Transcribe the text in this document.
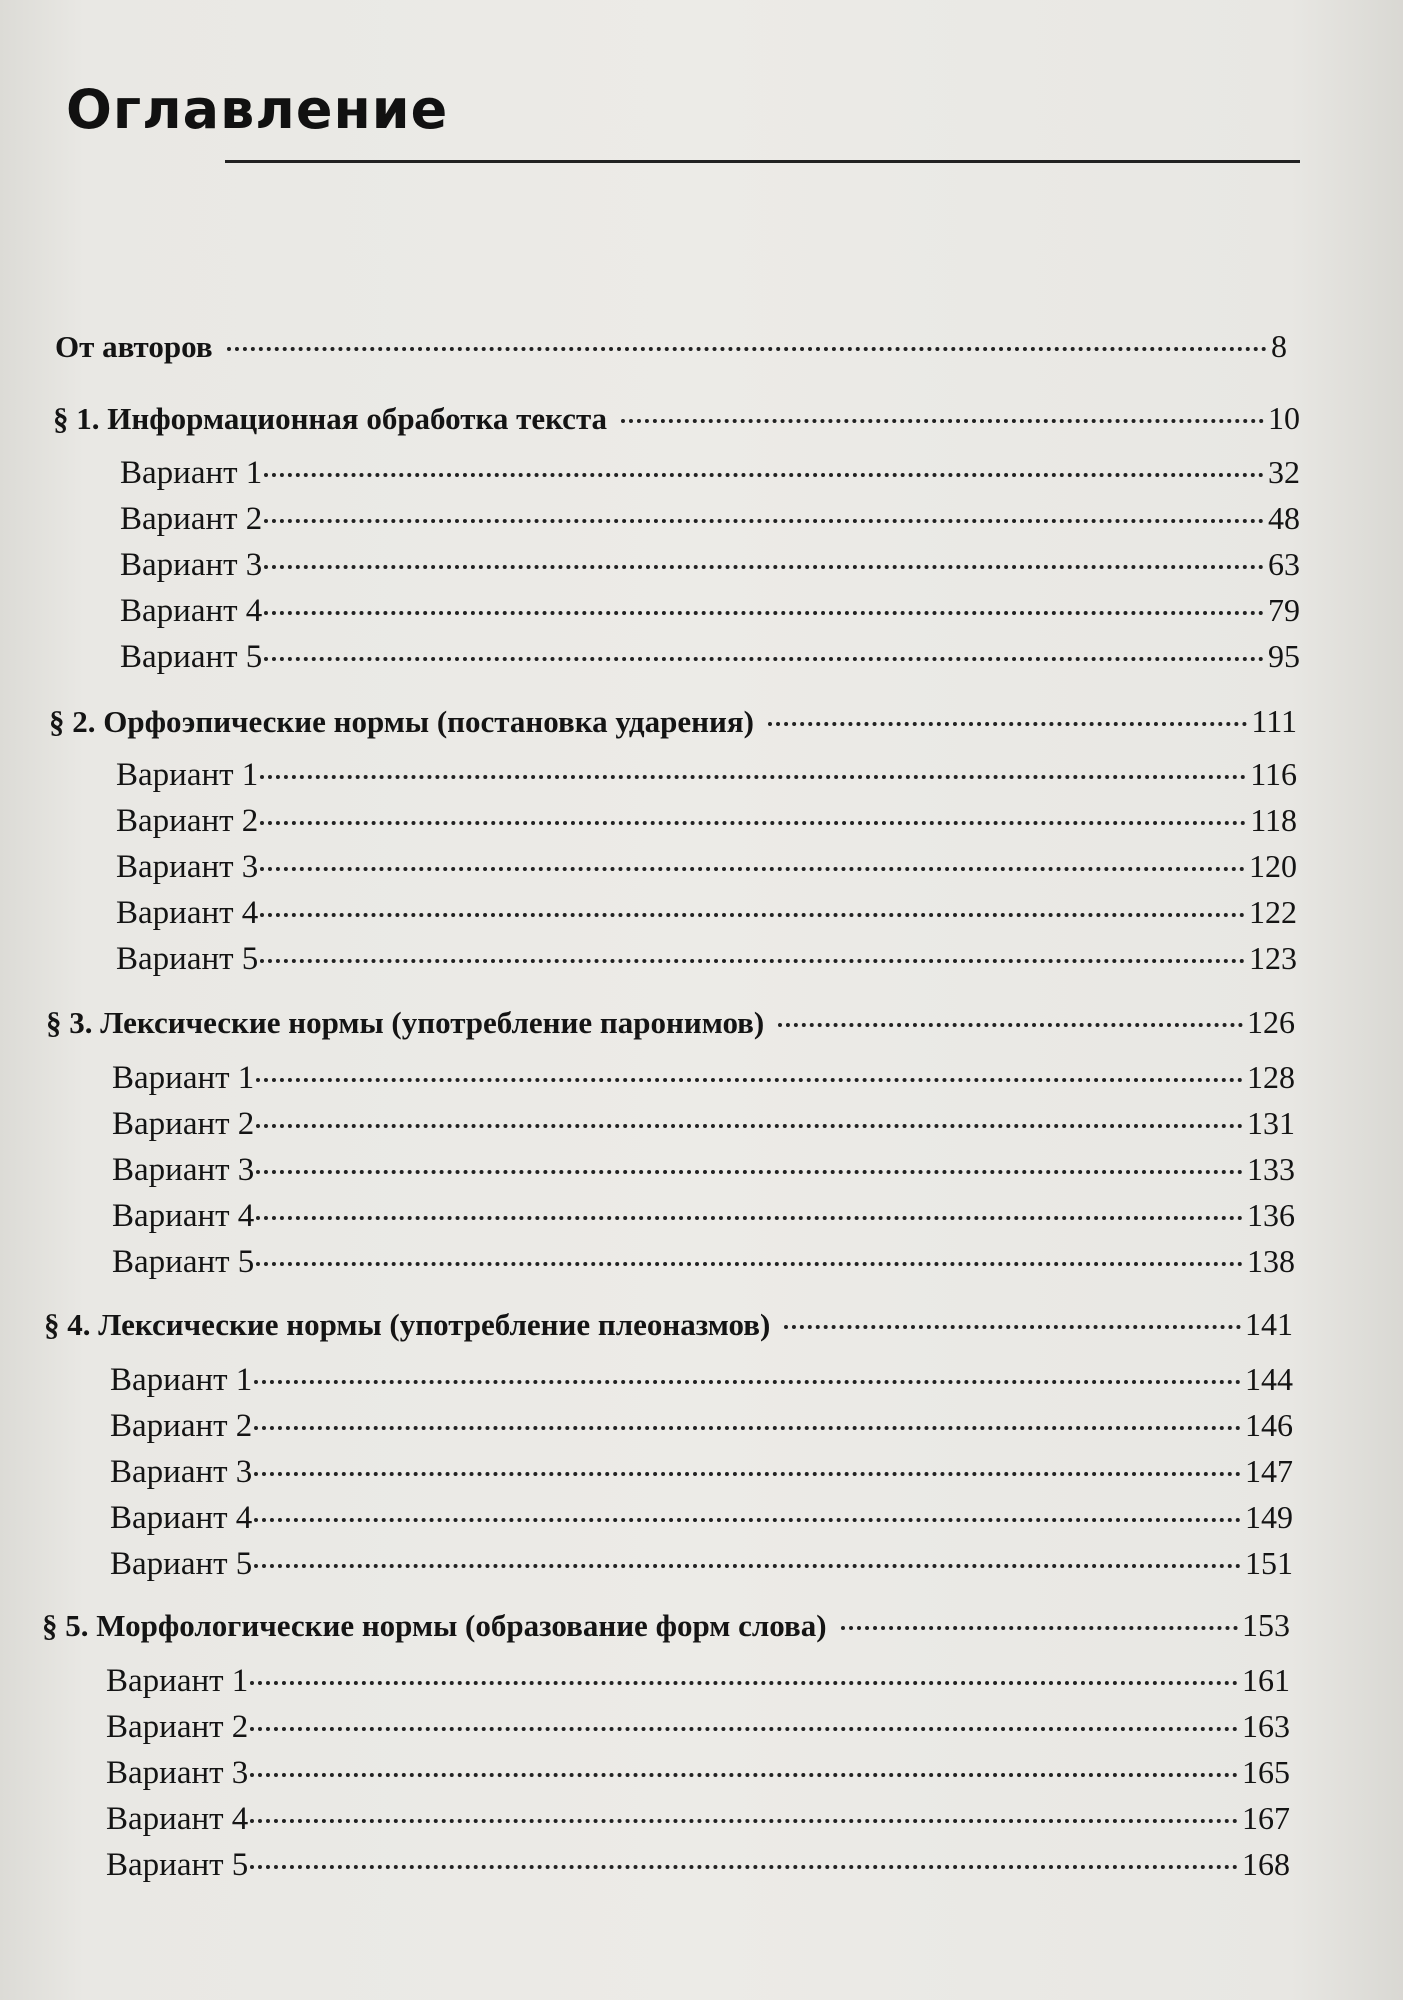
Оглавление
От авторов	8
§ 1. Информационная обработка текста	10
Вариант 1	32
Вариант 2	48
Вариант 3	63
Вариант 4	79
Вариант 5	95
§ 2. Орфоэпические нормы (постановка ударения)	111
Вариант 1	116
Вариант 2	118
Вариант 3	120
Вариант 4	122
Вариант 5	123
§ 3. Лексические нормы (употребление паронимов)	126
Вариант 1	128
Вариант 2	131
Вариант 3	133
Вариант 4	136
Вариант 5	138
§ 4. Лексические нормы (употребление плеоназмов)	141
Вариант 1	144
Вариант 2	146
Вариант 3	147
Вариант 4	149
Вариант 5	151
§ 5. Морфологические нормы (образование форм слова)	153
Вариант 1	161
Вариант 2	163
Вариант 3	165
Вариант 4	167
Вариант 5	168
